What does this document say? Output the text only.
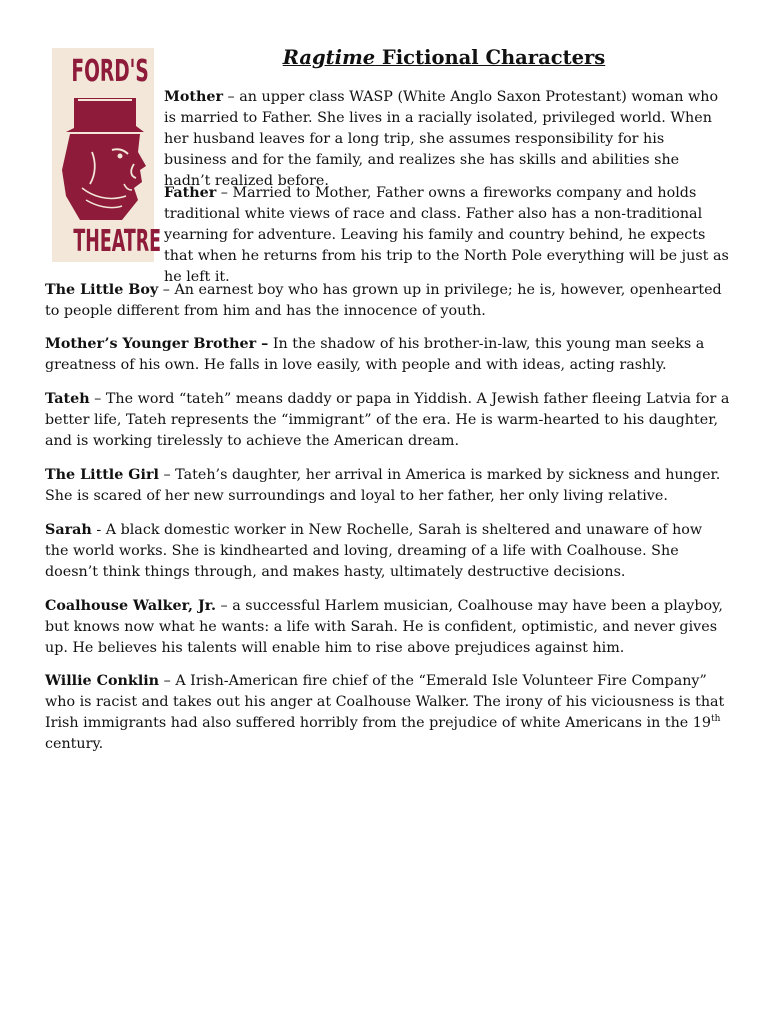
FORD'S
THEATRE
Ragtime Fictional Characters

Mother – an upper class WASP (White Anglo Saxon Protestant) woman who is married to Father. She lives in a racially isolated, privileged world. When her husband leaves for a long trip, she assumes responsibility for his business and for the family, and realizes she has skills and abilities she hadn’t realized before.

Father – Married to Mother, Father owns a fireworks company and holds traditional white views of race and class. Father also has a non-traditional yearning for adventure. Leaving his family and country behind, he expects that when he returns from his trip to the North Pole everything will be just as he left it.

The Little Boy – An earnest boy who has grown up in privilege; he is, however, openhearted to people different from him and has the innocence of youth.

Mother’s Younger Brother – In the shadow of his brother-in-law, this young man seeks a greatness of his own. He falls in love easily, with people and with ideas, acting rashly.

Tateh – The word “tateh” means daddy or papa in Yiddish. A Jewish father fleeing Latvia for a better life, Tateh represents the “immigrant” of the era. He is warm-hearted to his daughter, and is working tirelessly to achieve the American dream.

The Little Girl – Tateh’s daughter, her arrival in America is marked by sickness and hunger. She is scared of her new surroundings and loyal to her father, her only living relative.

Sarah - A black domestic worker in New Rochelle, Sarah is sheltered and unaware of how the world works. She is kindhearted and loving, dreaming of a life with Coalhouse. She doesn’t think things through, and makes hasty, ultimately destructive decisions.

Coalhouse Walker, Jr. – a successful Harlem musician, Coalhouse may have been a playboy, but knows now what he wants: a life with Sarah. He is confident, optimistic, and never gives up. He believes his talents will enable him to rise above prejudices against him.

Willie Conklin – A Irish-American fire chief of the “Emerald Isle Volunteer Fire Company” who is racist and takes out his anger at Coalhouse Walker. The irony of his viciousness is that Irish immigrants had also suffered horribly from the prejudice of white Americans in the 19th century.
